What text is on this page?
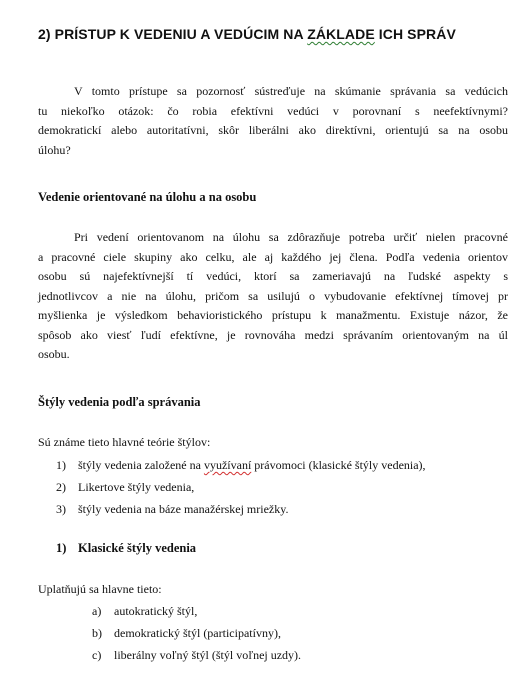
2) PRÍSTUP K VEDENIU A VEDÚCIM NA ZÁKLADE ICH SPRÁV
V tomto prístupe sa pozornosť sústreďuje na skúmanie správania sa vedúcich
tu niekoľko otázok: čo robia efektívni vedúci v porovnaní s neefektívnymi?
demokratickí alebo autoritatívni, skôr liberálni ako direktívni, orientujú sa na osobu
úlohu?
Vedenie orientované na úlohu a na osobu
Pri vedení orientovanom na úlohu sa zdôrazňuje potreba určiť nielen pracovné
a pracovné ciele skupiny ako celku, ale aj každého jej člena. Podľa vedenia orientov
osobu sú najefektívnejší tí vedúci, ktorí sa zameriavajú na ľudské aspekty s
jednotlivcov a nie na úlohu, pričom sa usilujú o vybudovanie efektívnej tímovej pr
myšlienka je výsledkom behavioristického prístupu k manažmentu. Existuje názor, že
spôsob ako viesť ľudí efektívne, je rovnováha medzi správaním orientovaným na úl
osobu.
Štýly vedenia podľa správania
Sú známe tieto hlavné teórie štýlov:
1) štýly vedenia založené na využívaní právomoci (klasické štýly vedenia),
2) Likertove štýly vedenia,
3) štýly vedenia na báze manažérskej mriežky.
1) Klasické štýly vedenia
Uplatňujú sa hlavne tieto:
a) autokratický štýl,
b) demokratický štýl (participatívny),
c) liberálny voľný štýl (štýl voľnej uzdy).
